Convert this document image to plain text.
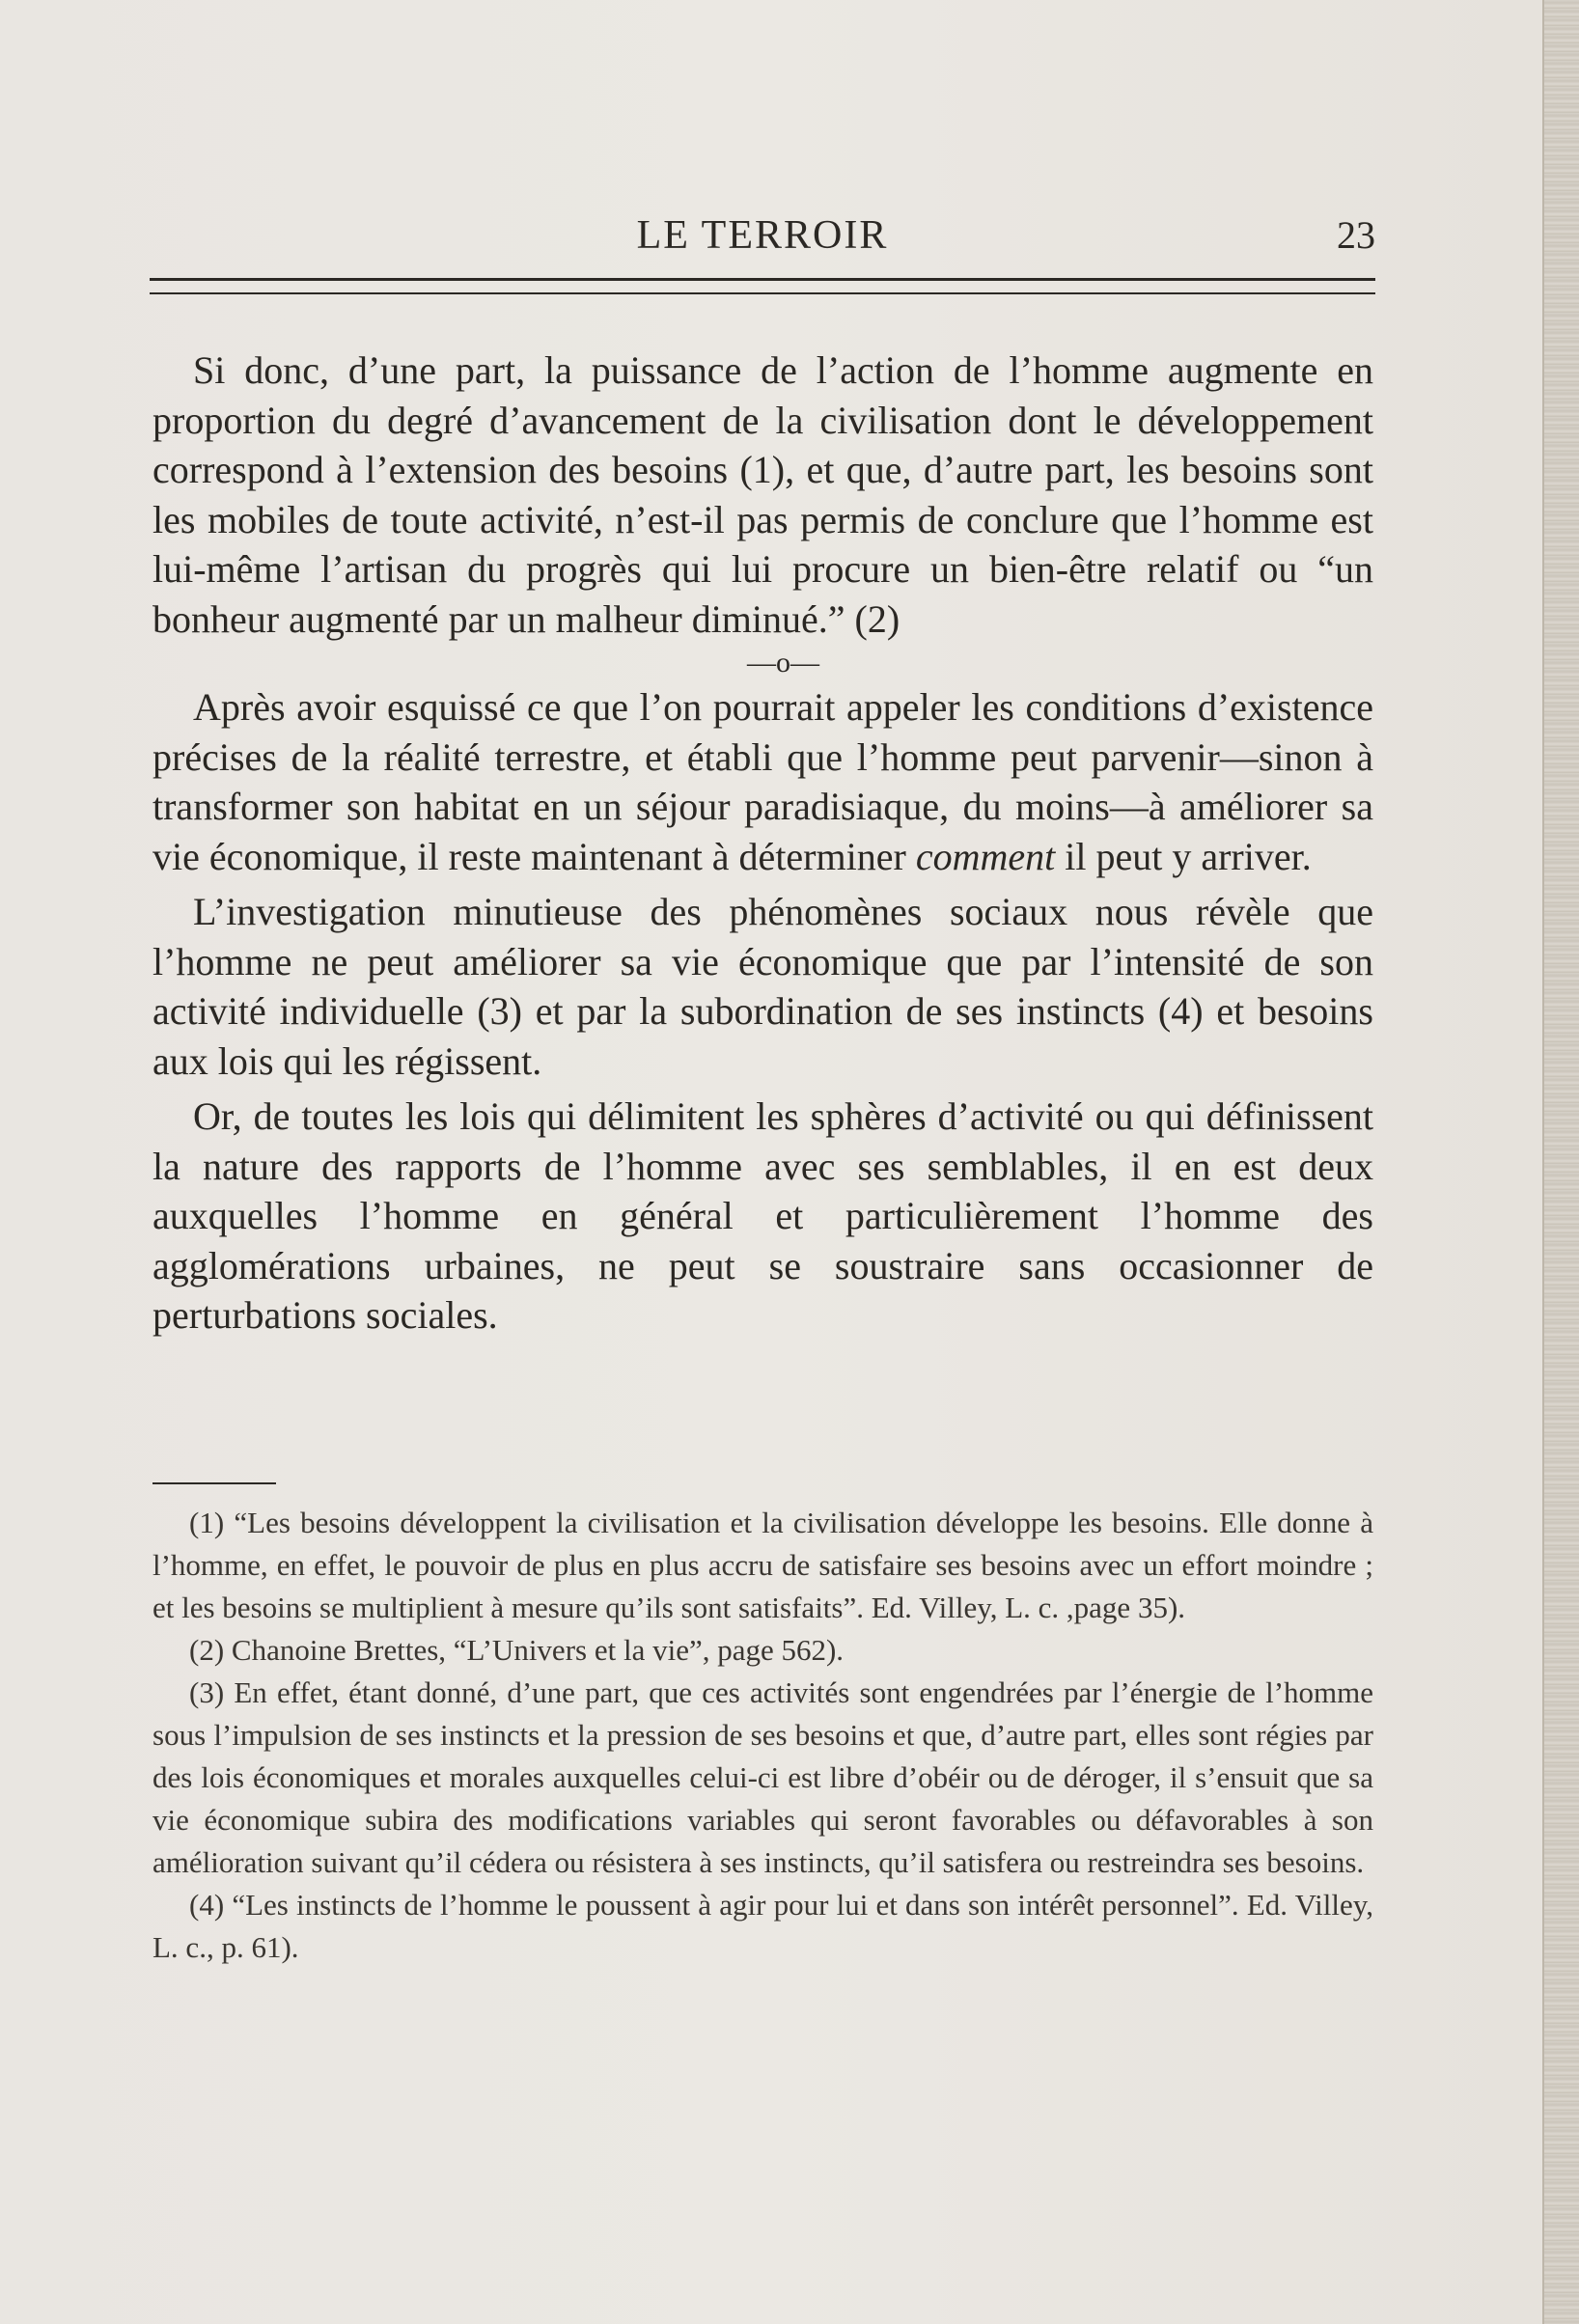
LE TERROIR	23

Si donc, d’une part, la puissance de l’action de l’homme augmente en proportion du degré d’avancement de la civilisation dont le développement correspond à l’extension des besoins (1), et que, d’autre part, les besoins sont les mobiles de toute activité, n’est-il pas permis de conclure que l’homme est lui-même l’artisan du progrès qui lui procure un bien-être relatif ou “un bonheur augmenté par un malheur diminué.” (2)

—o—

Après avoir esquissé ce que l’on pourrait appeler les conditions d’existence précises de la réalité terrestre, et établi que l’homme peut parvenir—sinon à transformer son habitat en un séjour paradisiaque, du moins—à améliorer sa vie économique, il reste maintenant à déterminer comment il peut y arriver.

L’investigation minutieuse des phénomènes sociaux nous révèle que l’homme ne peut améliorer sa vie économique que par l’intensité de son activité individuelle (3) et par la subordination de ses instincts (4) et besoins aux lois qui les régissent.

Or, de toutes les lois qui délimitent les sphères d’activité ou qui définissent la nature des rapports de l’homme avec ses semblables, il en est deux auxquelles l’homme en général et particulièrement l’homme des agglomérations urbaines, ne peut se soustraire sans occasionner de perturbations sociales.

(1) “Les besoins développent la civilisation et la civilisation développe les besoins. Elle donne à l’homme, en effet, le pouvoir de plus en plus accru de satisfaire ses besoins avec un effort moindre ; et les besoins se multiplient à mesure qu’ils sont satisfaits”. Ed. Villey, L. c. ,page 35).

(2) Chanoine Brettes, “L’Univers et la vie”, page 562).

(3) En effet, étant donné, d’une part, que ces activités sont engendrées par l’énergie de l’homme sous l’impulsion de ses instincts et la pression de ses besoins et que, d’autre part, elles sont régies par des lois économiques et morales auxquelles celui-ci est libre d’obéir ou de déroger, il s’ensuit que sa vie économique subira des modifications variables qui seront favorables ou défavorables à son amélioration suivant qu’il cédera ou résistera à ses instincts, qu’il satisfera ou restreindra ses besoins.

(4) “Les instincts de l’homme le poussent à agir pour lui et dans son intérêt personnel”. Ed. Villey, L. c., p. 61).
